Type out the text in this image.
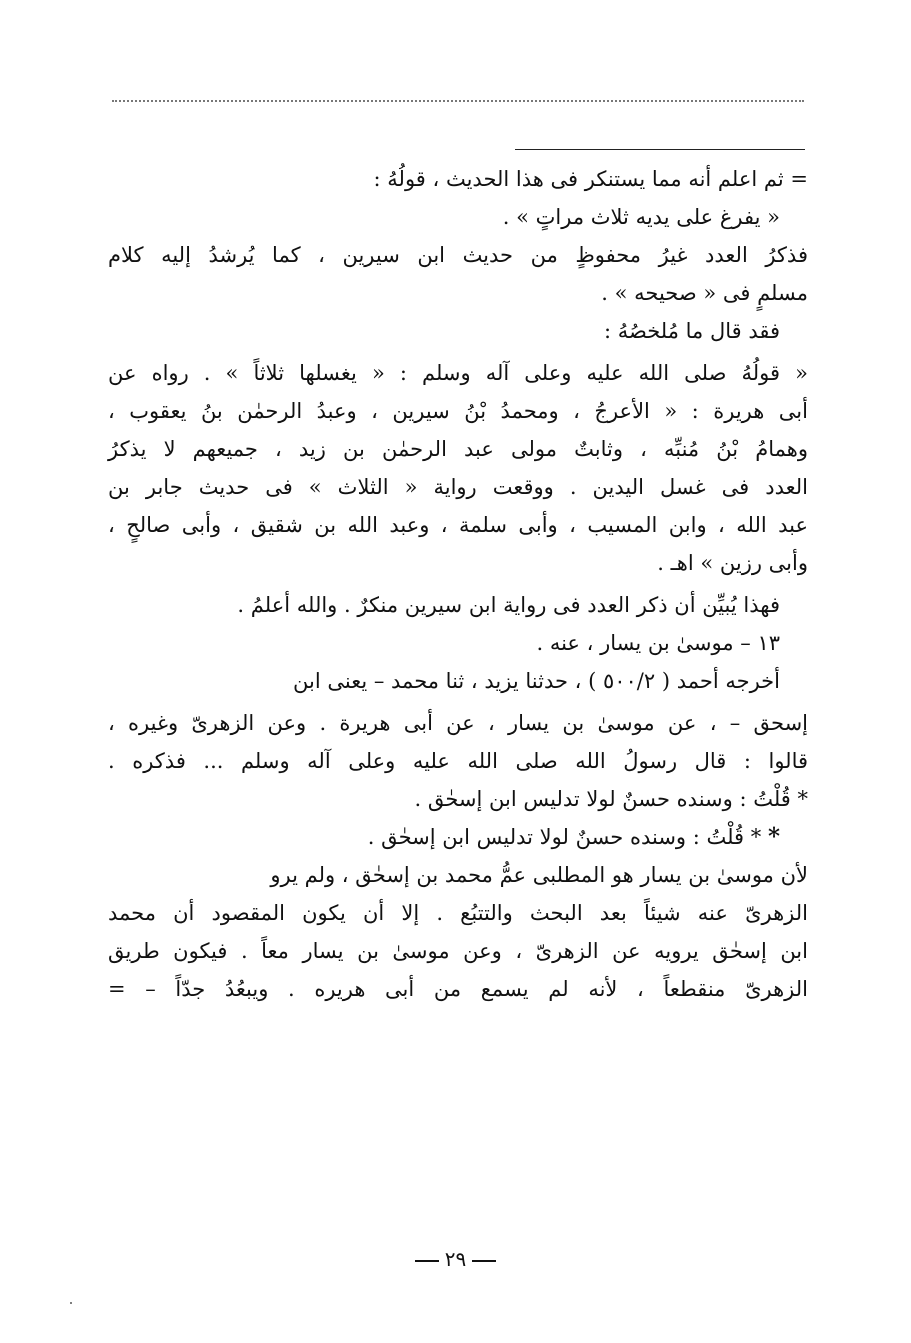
= ثم اعلم أنه مما يستنكر فى هذا الحديث ، قولُهُ :
« يفرغ على يديه ثلاث مراتٍ » .
فذكرُ العدد غيرُ محفوظٍ من حديث ابن سيرين ، كما يُرشدُ إليه كلام
مسلمٍ فى « صحيحه » .
فقد قال ما مُلخصُهُ :
« قولُهُ صلى الله عليه وعلى آله وسلم : « يغسلها ثلاثاً » . رواه عن
أبى هريرة : « الأعرجُ ، ومحمدُ بْنُ سيرين ، وعبدُ الرحمٰن بنُ يعقوب ،
وهمامُ بْنُ مُنبِّه ، وثابتٌ مولى عبد الرحمٰن بن زيد ، جميعهم لا يذكرُ
العدد فى غسل اليدين . ووقعت رواية « الثلاث » فى حديث جابر بن
عبد الله ، وابن المسيب ، وأبى سلمة ، وعبد الله بن شقيق ، وأبى صالحٍ ،
وأبى رزين » اهـ .
فهذا يُبيِّن أن ذكر العدد فى رواية ابن سيرين منكرٌ . والله أعلمُ .
١٣ – موسىٰ بن يسار ، عنه .
أخرجه أحمد ( ٥٠٠/٢ ) ، حدثنا يزيد ، ثنا محمد – يعنى ابن
إسحق – ، عن موسىٰ بن يسار ، عن أبى هريرة . وعن الزهرىّ وغيره ،
قالوا : قال رسولُ الله صلى الله عليه وعلى آله وسلم ... فذكره .
* قُلْتُ : وسنده حسنٌ لولا تدليس ابن إسحٰق .
* * قُلْتُ : وسنده حسنٌ لولا تدليس ابن إسحٰق .
لأن موسىٰ بن يسار هو المطلبى عمُّ محمد بن إسحٰق ، ولم يرو
الزهرىّ عنه شيئاً بعد البحث والتتبُع . إلا أن يكون المقصود أن محمد
ابن إسحٰق يرويه عن الزهرىّ ، وعن موسىٰ بن يسار معاً . فيكون طريق
الزهرىّ منقطعاً ، لأنه لم يسمع من أبى هريره . ويبعُدُ جدّاً – =
٢٩
